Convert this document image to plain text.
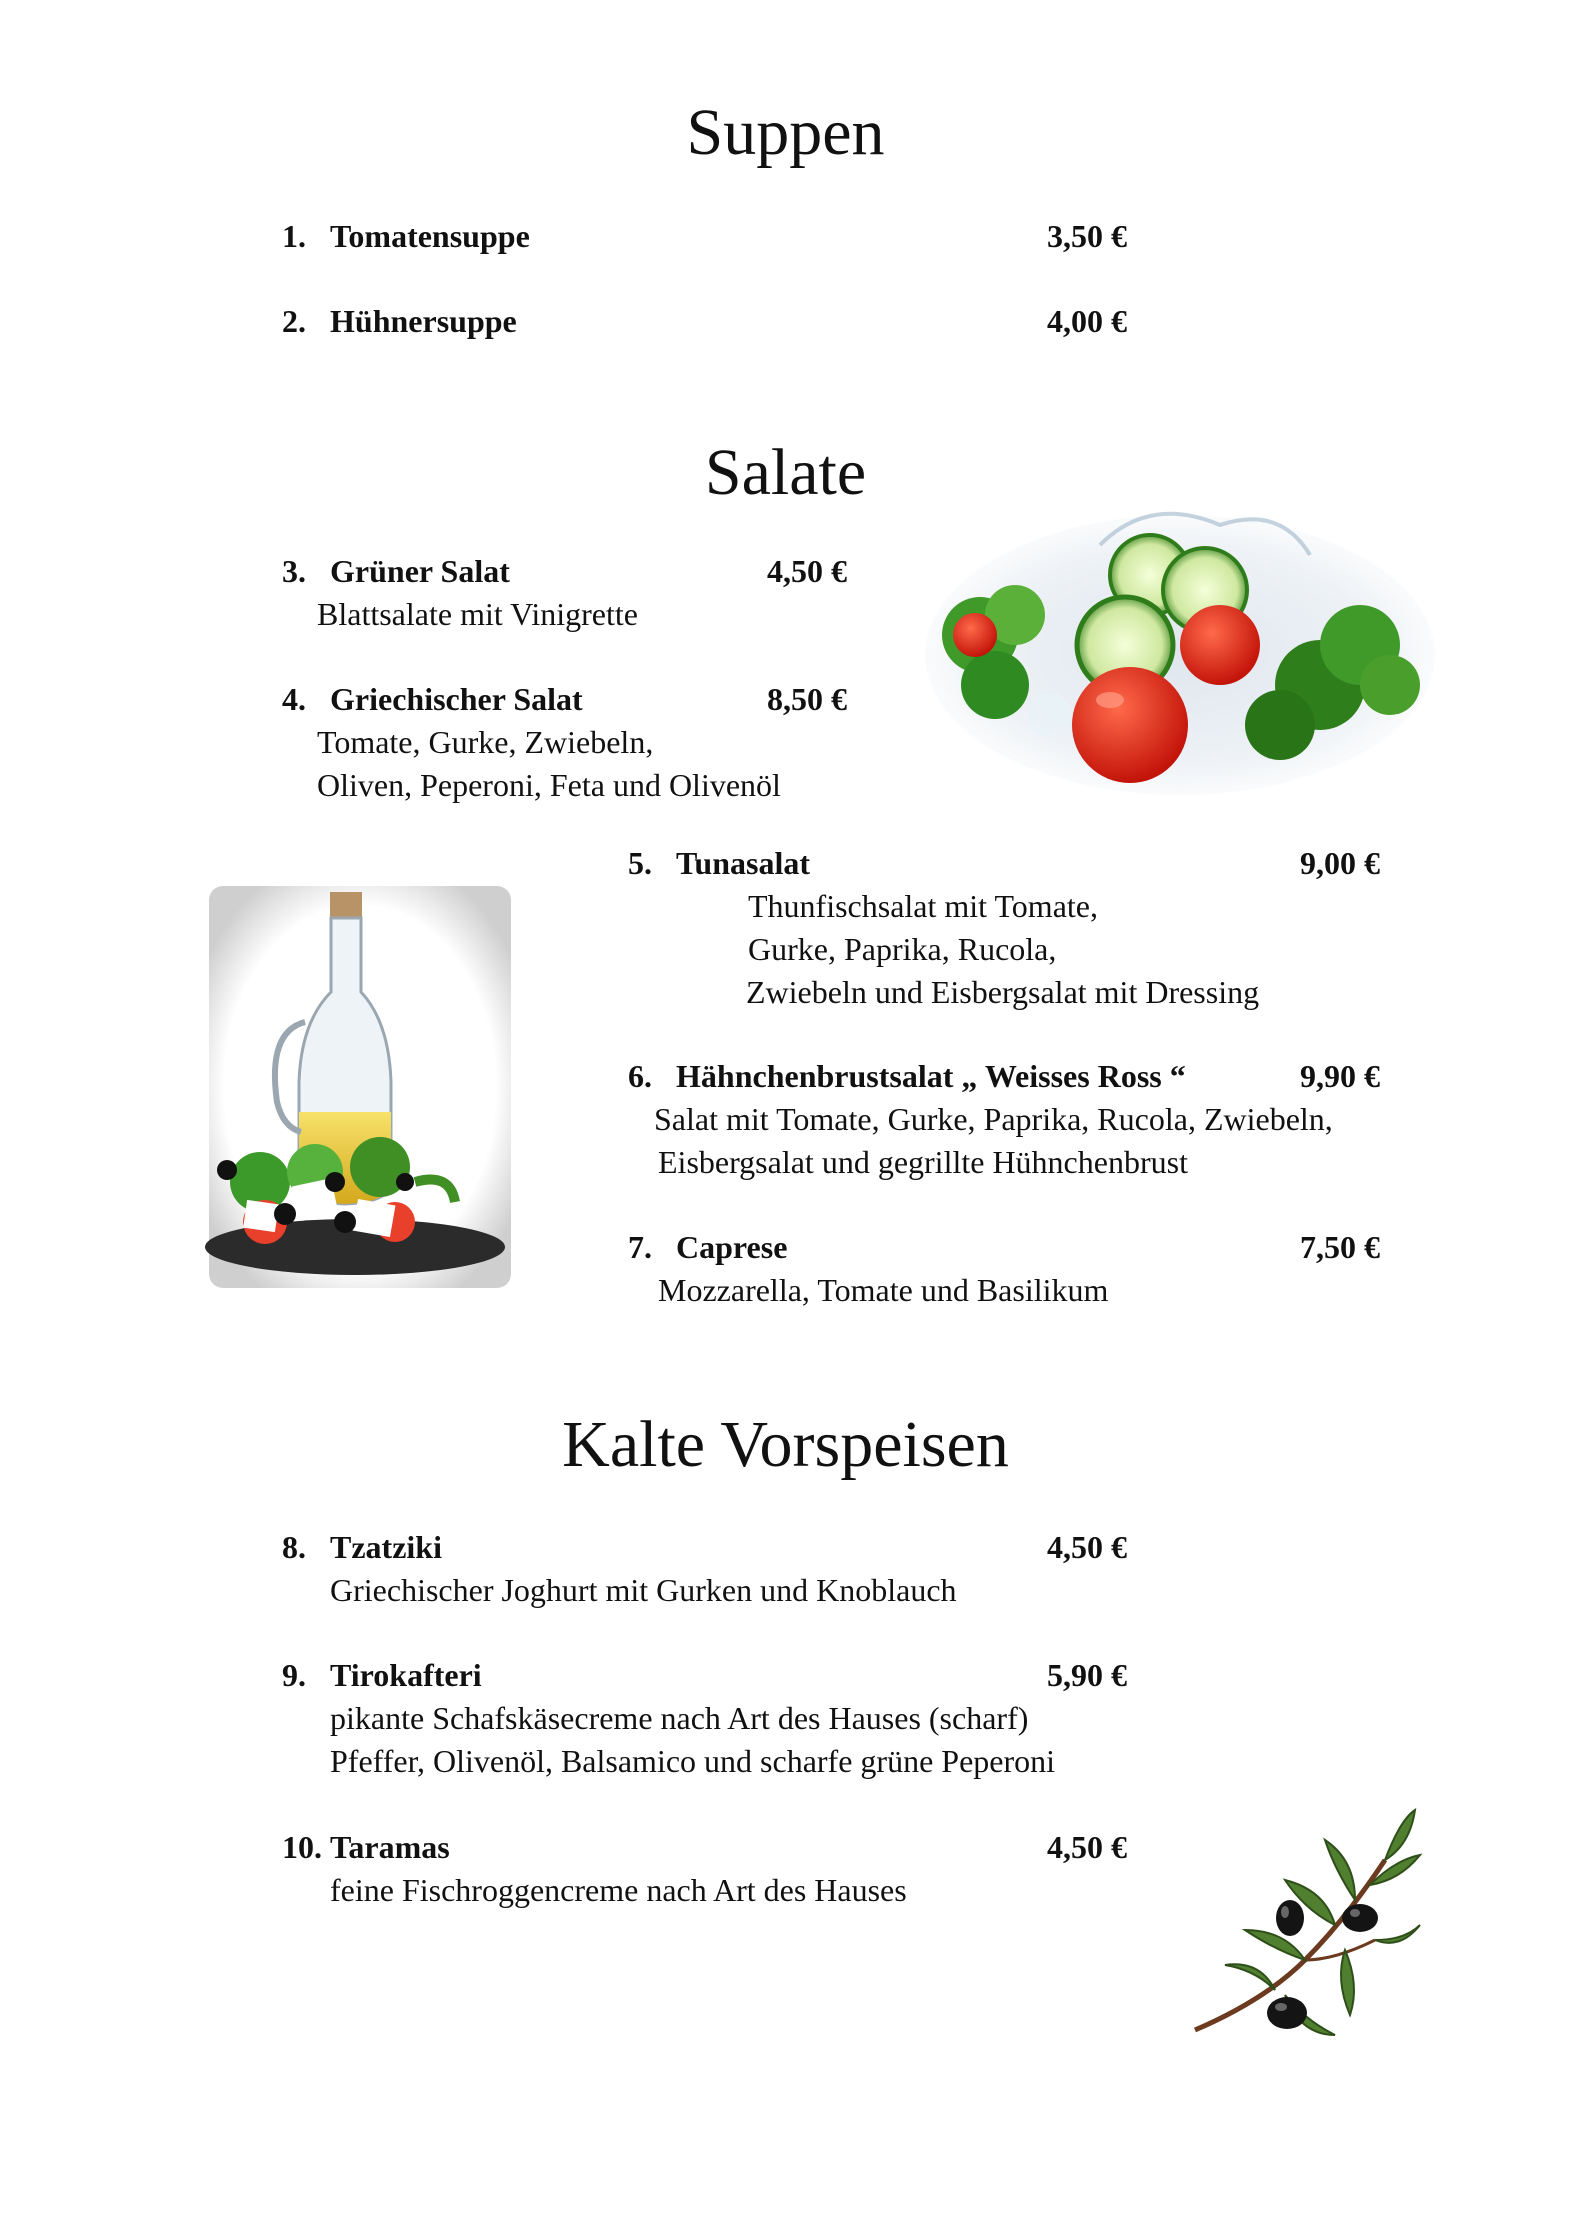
Suppen
Salate
Kalte Vorspeisen
1. Tomatensuppe	3,50 €
2. Hühnersuppe	4,00 €
3. Grüner Salat	4,50 €
Blattsalate mit Vinigrette
4. Griechischer Salat	8,50 €
Tomate, Gurke, Zwiebeln,
Oliven, Peperoni, Feta und Olivenöl
5. Tunasalat	9,00 €
Thunfischsalat mit Tomate,
Gurke, Paprika, Rucola,
Zwiebeln und Eisbergsalat mit Dressing
6. Hähnchenbrustsalat „ Weisses Ross “	9,90 €
Salat mit Tomate, Gurke, Paprika, Rucola, Zwiebeln,
Eisbergsalat und gegrillte Hühnchenbrust
7. Caprese	7,50 €
Mozzarella, Tomate und Basilikum
8. Tzatziki	4,50 €
Griechischer Joghurt mit Gurken und Knoblauch
9. Tirokafteri	5,90 €
pikante Schafskäsecreme nach Art des Hauses (scharf)
Pfeffer, Olivenöl, Balsamico und scharfe grüne Peperoni
10. Taramas	4,50 €
feine Fischroggencreme nach Art des Hauses
